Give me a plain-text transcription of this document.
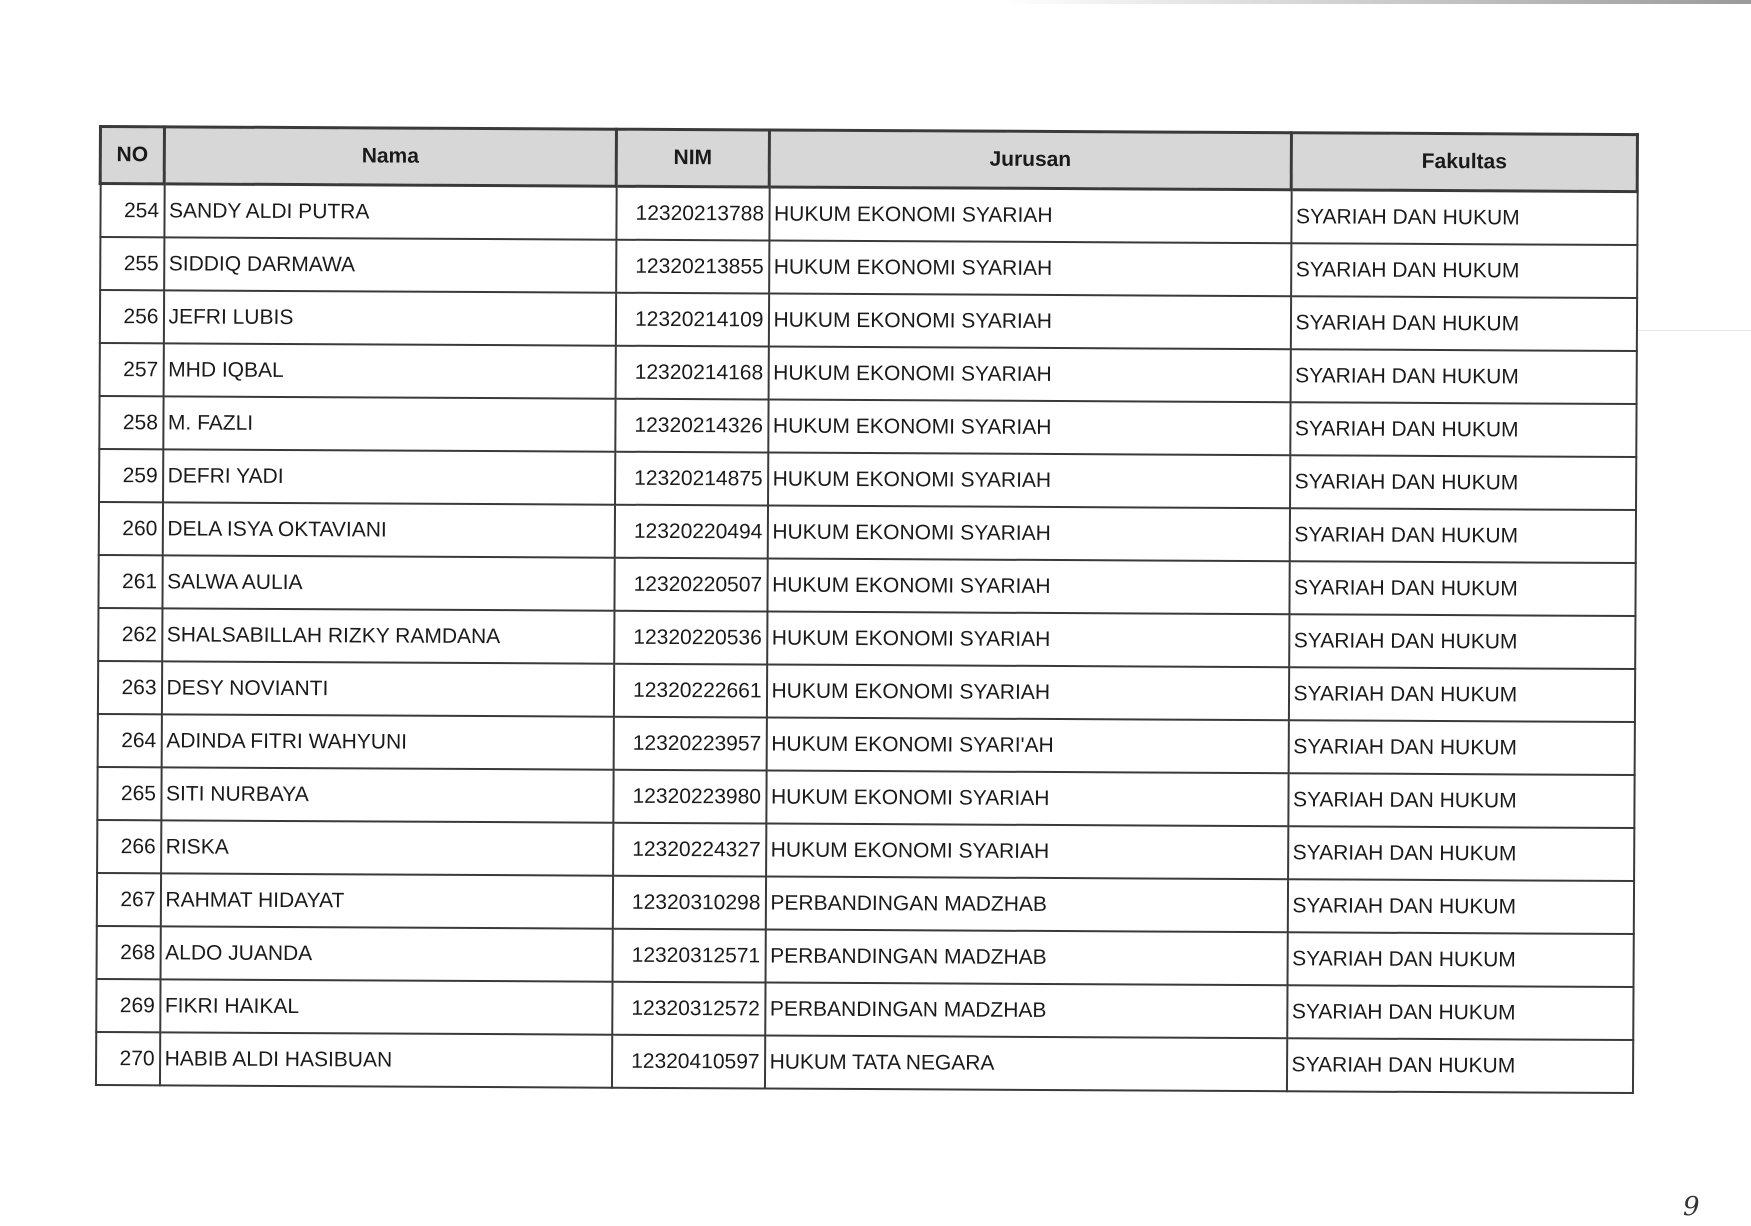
NO	Nama	NIM	Jurusan	Fakultas
254	SANDY ALDI PUTRA	12320213788	HUKUM EKONOMI SYARIAH	SYARIAH DAN HUKUM
255	SIDDIQ DARMAWA	12320213855	HUKUM EKONOMI SYARIAH	SYARIAH DAN HUKUM
256	JEFRI LUBIS	12320214109	HUKUM EKONOMI SYARIAH	SYARIAH DAN HUKUM
257	MHD IQBAL	12320214168	HUKUM EKONOMI SYARIAH	SYARIAH DAN HUKUM
258	M. FAZLI	12320214326	HUKUM EKONOMI SYARIAH	SYARIAH DAN HUKUM
259	DEFRI YADI	12320214875	HUKUM EKONOMI SYARIAH	SYARIAH DAN HUKUM
260	DELA ISYA OKTAVIANI	12320220494	HUKUM EKONOMI SYARIAH	SYARIAH DAN HUKUM
261	SALWA AULIA	12320220507	HUKUM EKONOMI SYARIAH	SYARIAH DAN HUKUM
262	SHALSABILLAH RIZKY RAMDANA	12320220536	HUKUM EKONOMI SYARIAH	SYARIAH DAN HUKUM
263	DESY NOVIANTI	12320222661	HUKUM EKONOMI SYARIAH	SYARIAH DAN HUKUM
264	ADINDA FITRI WAHYUNI	12320223957	HUKUM EKONOMI SYARI'AH	SYARIAH DAN HUKUM
265	SITI NURBAYA	12320223980	HUKUM EKONOMI SYARIAH	SYARIAH DAN HUKUM
266	RISKA	12320224327	HUKUM EKONOMI SYARIAH	SYARIAH DAN HUKUM
267	RAHMAT HIDAYAT	12320310298	PERBANDINGAN MADZHAB	SYARIAH DAN HUKUM
268	ALDO JUANDA	12320312571	PERBANDINGAN MADZHAB	SYARIAH DAN HUKUM
269	FIKRI HAIKAL	12320312572	PERBANDINGAN MADZHAB	SYARIAH DAN HUKUM
270	HABIB ALDI HASIBUAN	12320410597	HUKUM TATA NEGARA	SYARIAH DAN HUKUM
9
